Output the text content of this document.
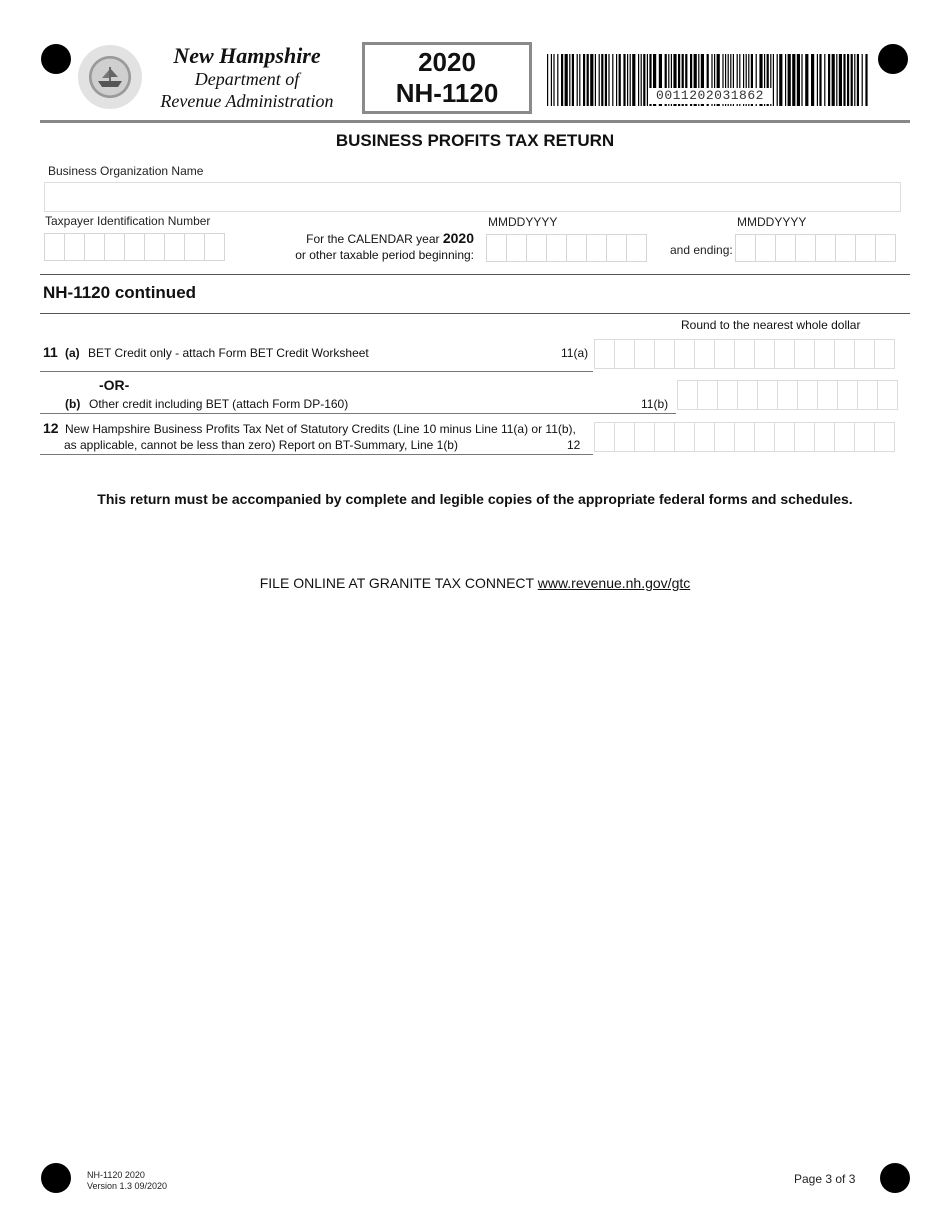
New Hampshire
Department of
Revenue Administration
2020
NH-1120	0011202031862
BUSINESS PROFITS TAX RETURN
Business Organization Name
Taxpayer Identification Number
For the CALENDAR year 2020
or other taxable period beginning:
MMDDYYYY
and ending:
MMDDYYYY
NH-1120 continued
Round to the nearest whole dollar
11 (a) BET Credit only - attach Form BET Credit Worksheet	11(a)
-OR-
(b) Other credit including BET (attach Form DP-160)	11(b)
12 New Hampshire Business Profits Tax Net of Statutory Credits (Line 10 minus Line 11(a) or 11(b),
as applicable, cannot be less than zero) Report on BT-Summary, Line 1(b)	12
This return must be accompanied by complete and legible copies of the appropriate federal forms and schedules.
FILE ONLINE AT GRANITE TAX CONNECT www.revenue.nh.gov/gtc
NH-1120 2020
Version 1.3 09/2020	Page 3 of 3
